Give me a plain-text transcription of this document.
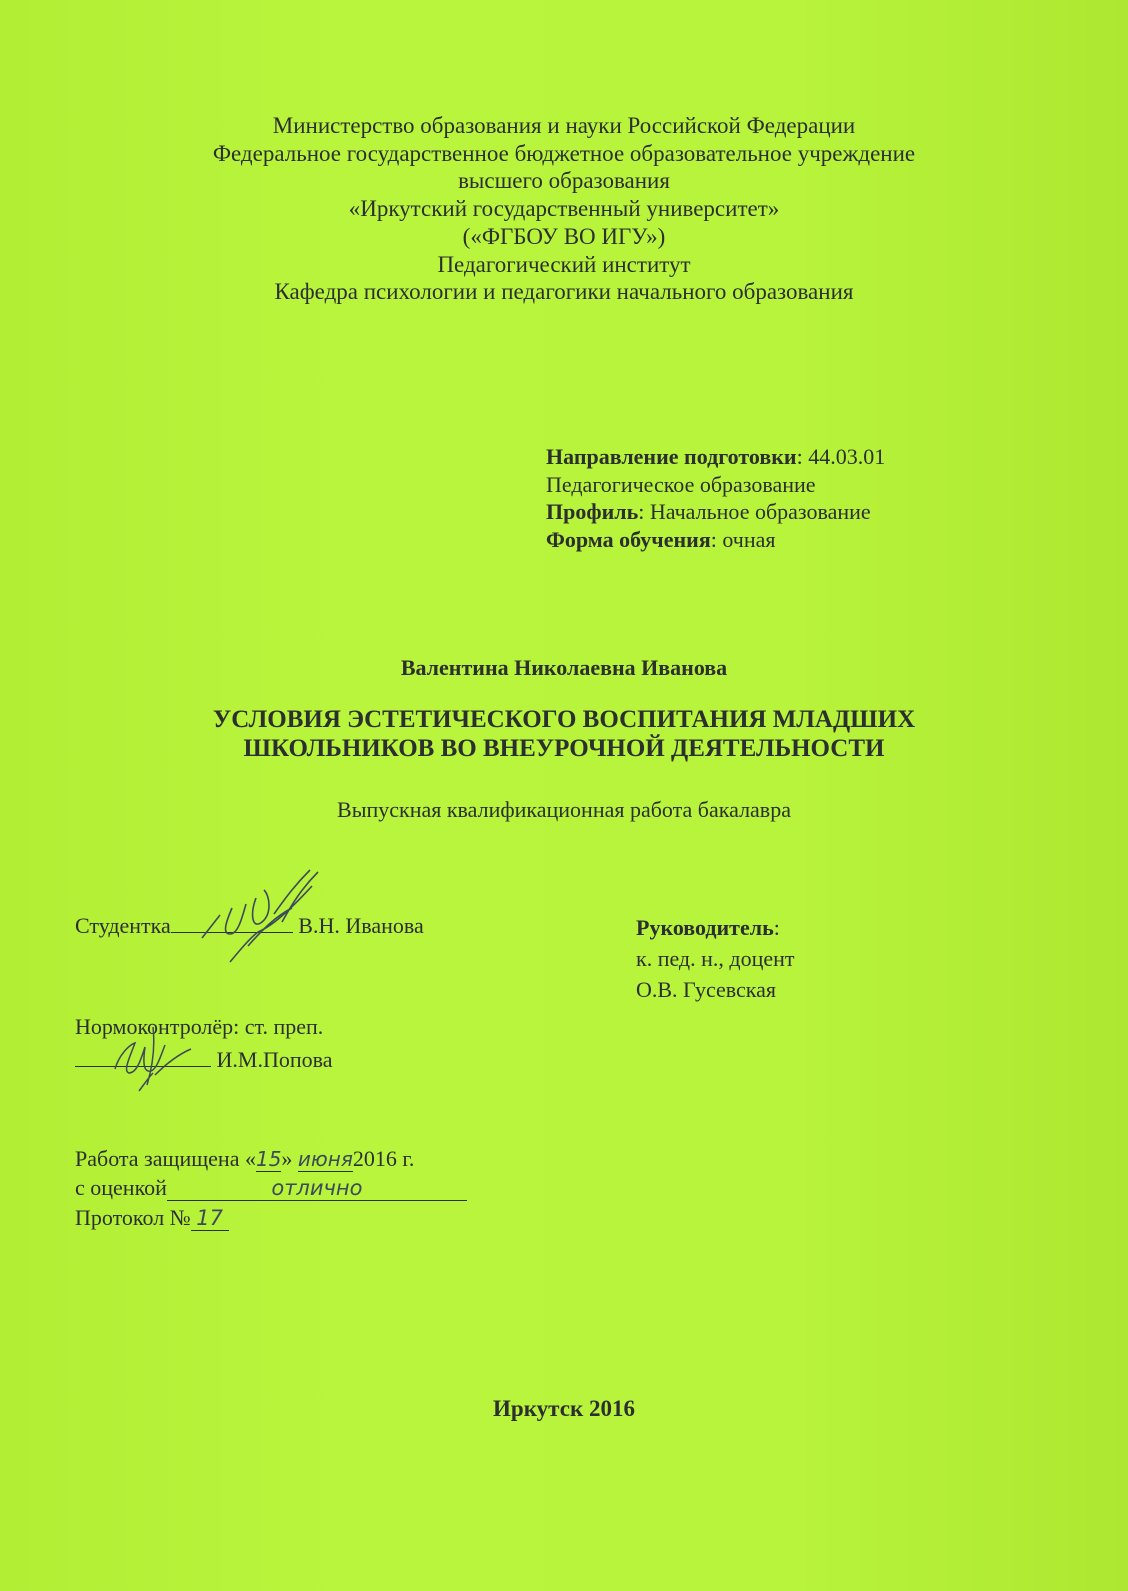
Министерство образования и науки Российской Федерации
Федеральное государственное бюджетное образовательное учреждение
высшего образования
«Иркутский государственный университет»
(«ФГБОУ ВО ИГУ»)
Педагогический институт
Кафедра психологии и педагогики начального образования
Направление подготовки: 44.03.01
Педагогическое образование
Профиль: Начальное образование
Форма обучения: очная
Валентина Николаевна Иванова
УСЛОВИЯ ЭСТЕТИЧЕСКОГО ВОСПИТАНИЯ МЛАДШИХ
ШКОЛЬНИКОВ ВО ВНЕУРОЧНОЙ ДЕЯТЕЛЬНОСТИ
Выпускная квалификационная работа бакалавра
Студентка	В.Н. Иванова	Руководитель:
к. пед. н., доцент
О.В. Гусевская
Нормоконтролёр: ст. преп.
И.М.Попова
Работа защищена «15» июня2016 г.
с оценкой	отлично
Протокол № 17
Иркутск 2016
